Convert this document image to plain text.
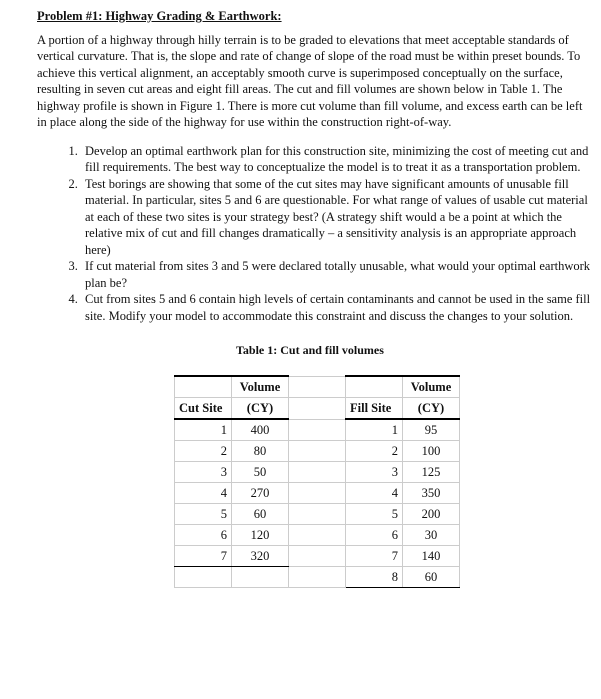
Problem #1: Highway Grading & Earthwork:

A portion of a highway through hilly terrain is to be graded to elevations that meet acceptable standards of vertical curvature. That is, the slope and rate of change of slope of the road must be within preset bounds. To achieve this vertical alignment, an acceptably smooth curve is superimposed conceptually on the surface, resulting in seven cut areas and eight fill areas. The cut and fill volumes are shown below in Table 1. The highway profile is shown in Figure 1. There is more cut volume than fill volume, and excess earth can be left in place along the side of the highway for use within the construction right-of-way.

1. Develop an optimal earthwork plan for this construction site, minimizing the cost of meeting cut and fill requirements. The best way to conceptualize the model is to treat it as a transportation problem.
2. Test borings are showing that some of the cut sites may have significant amounts of unusable fill material. In particular, sites 5 and 6 are questionable. For what range of values of usable cut material at each of these two sites is your strategy best? (A strategy shift would a be a point at which the relative mix of cut and fill changes dramatically – a sensitivity analysis is an appropriate approach here)
3. If cut material from sites 3 and 5 were declared totally unusable, what would your optimal earthwork plan be?
4. Cut from sites 5 and 6 contain high levels of certain contaminants and cannot be used in the same fill site. Modify your model to accommodate this constraint and discuss the changes to your solution.
Table 1: Cut and fill volumes
	Volume			Volume
Cut Site	(CY)		Fill Site	(CY)
1	400		1	95
2	80		2	100
3	50		3	125
4	270		4	350
5	60		5	200
6	120		6	30
7	320		7	140
			8	60
